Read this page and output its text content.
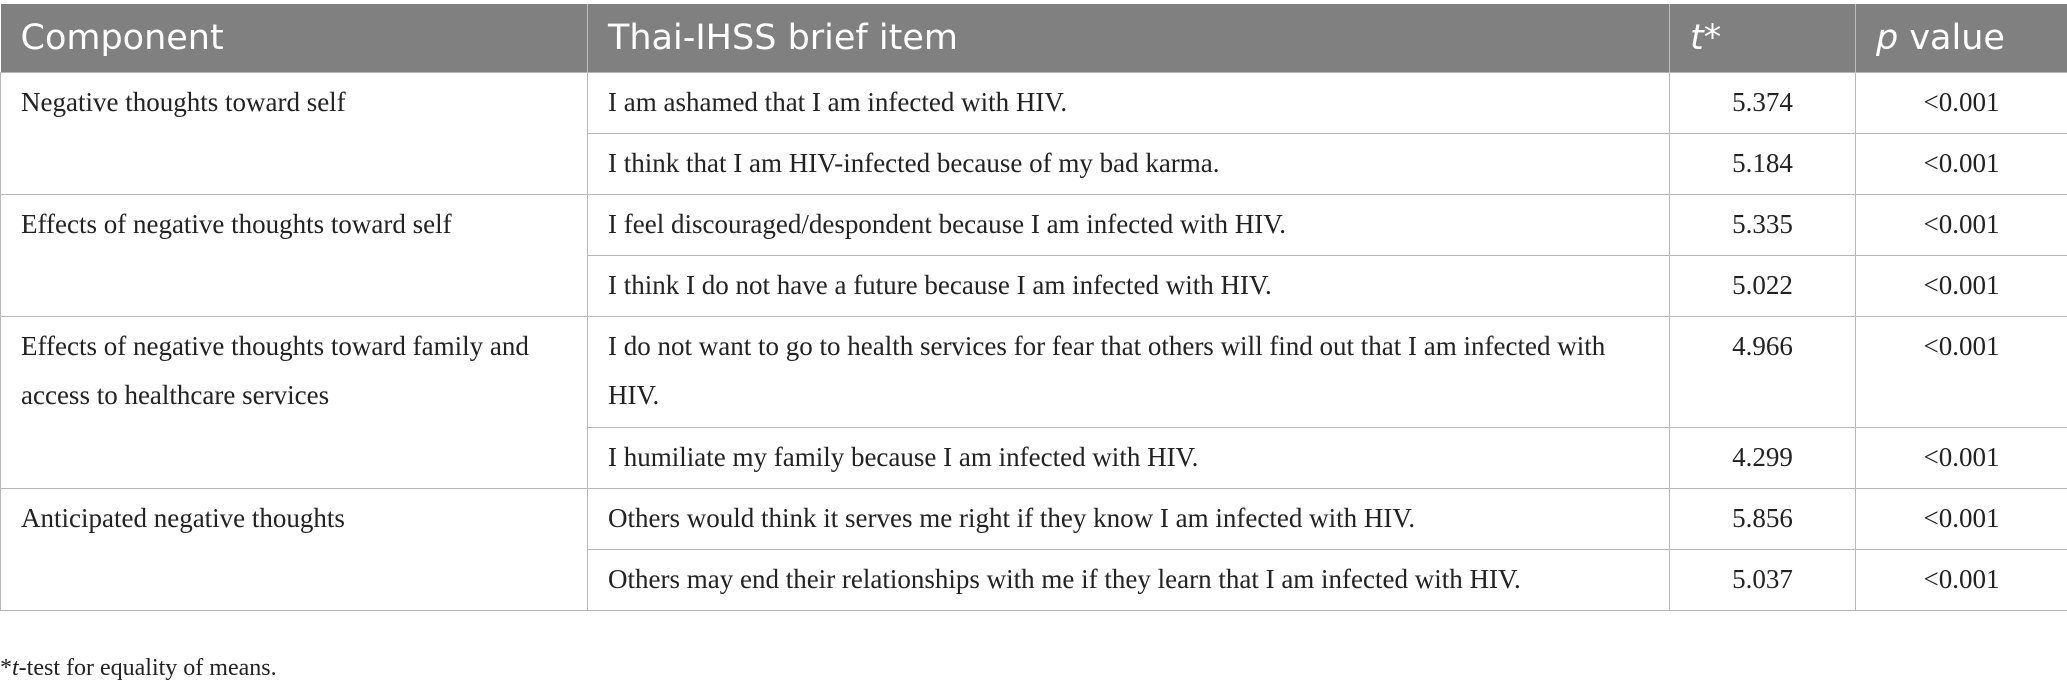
Component	Thai-IHSS brief item	t*	p value
Negative thoughts toward self	I am ashamed that I am infected with HIV.	5.374	<0.001
	I think that I am HIV-infected because of my bad karma.	5.184	<0.001
Effects of negative thoughts toward self	I feel discouraged/despondent because I am infected with HIV.	5.335	<0.001
	I think I do not have a future because I am infected with HIV.	5.022	<0.001
Effects of negative thoughts toward family and access to healthcare services	I do not want to go to health services for fear that others will find out that I am infected with HIV.	4.966	<0.001
	I humiliate my family because I am infected with HIV.	4.299	<0.001
Anticipated negative thoughts	Others would think it serves me right if they know I am infected with HIV.	5.856	<0.001
	Others may end their relationships with me if they learn that I am infected with HIV.	5.037	<0.001
*t-test for equality of means.
